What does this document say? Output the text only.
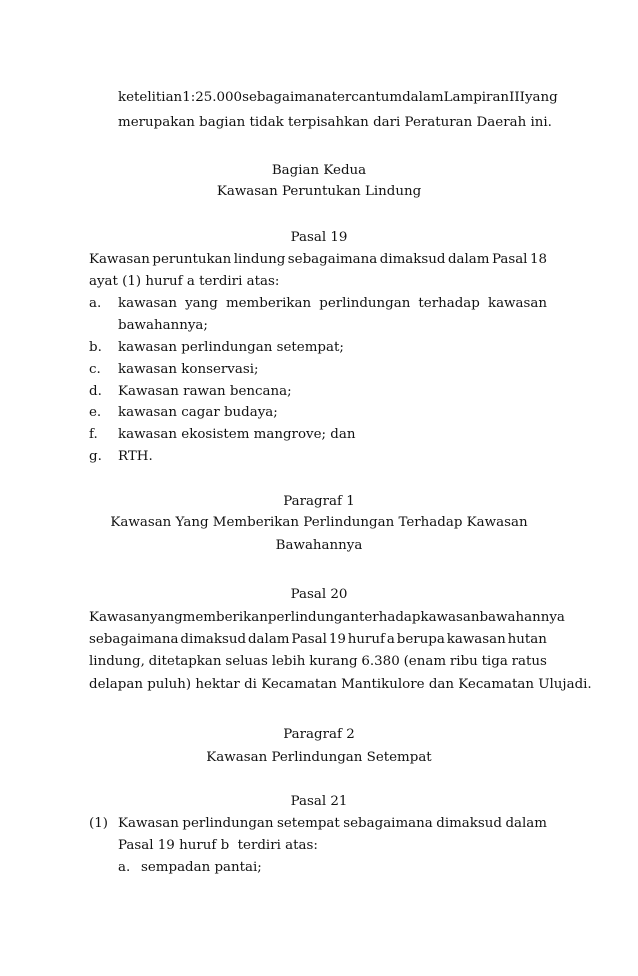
ketelitian 1:25.000 sebagaimana tercantum dalam Lampiran III yang
merupakan bagian tidak terpisahkan dari Peraturan Daerah ini.
Bagian Kedua
Kawasan Peruntukan Lindung
Pasal 19
Kawasan peruntukan lindung sebagaimana dimaksud dalam Pasal 18
ayat (1) huruf a terdiri atas:
a.	kawasan yang memberikan perlindungan terhadap kawasan
bawahannya;
b.	kawasan perlindungan setempat;
c.	kawasan konservasi;
d.	Kawasan rawan bencana;
e.	kawasan cagar budaya;
f.	kawasan ekosistem mangrove; dan
g.	RTH.
Paragraf 1
Kawasan Yang Memberikan Perlindungan Terhadap Kawasan
Bawahannya
Pasal 20
Kawasan yang memberikan perlindungan terhadap kawasan bawahannya
sebagaimana dimaksud dalam Pasal 19 huruf a berupa kawasan hutan
lindung, ditetapkan seluas lebih kurang 6.380 (enam ribu tiga ratus
delapan puluh) hektar di Kecamatan Mantikulore dan Kecamatan Ulujadi.
Paragraf 2
Kawasan Perlindungan Setempat
Pasal 21
(1) Kawasan perlindungan setempat sebagaimana dimaksud dalam
Pasal 19 huruf b  terdiri atas:
a. sempadan pantai;
